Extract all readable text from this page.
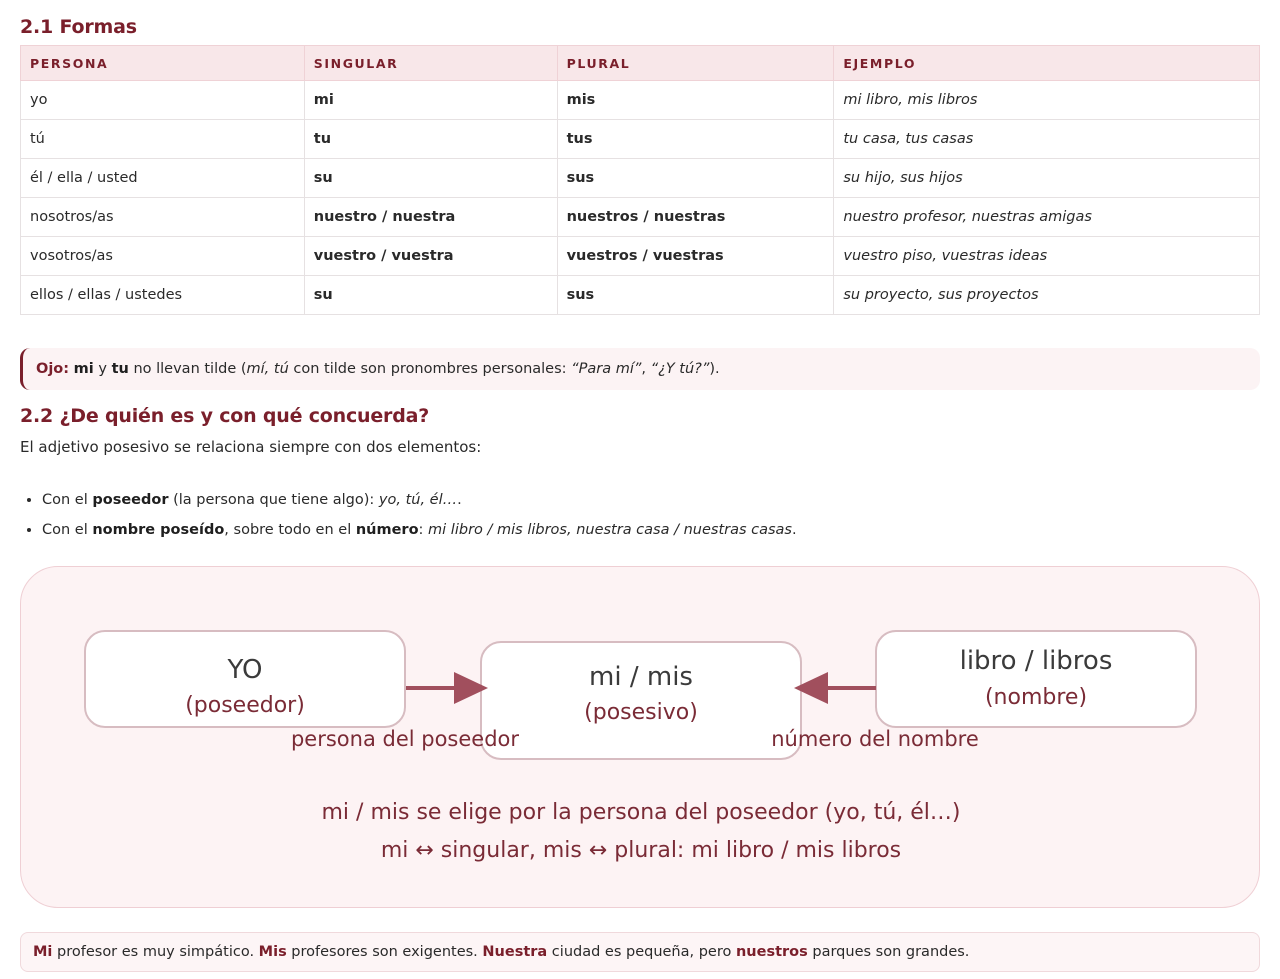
2.1 Formas
PERSONA	SINGULAR	PLURAL	EJEMPLO
yo	mi	mis	mi libro, mis libros
tú	tu	tus	tu casa, tus casas
él / ella / usted	su	sus	su hijo, sus hijos
nosotros/as	nuestro / nuestra	nuestros / nuestras	nuestro profesor, nuestras amigas
vosotros/as	vuestro / vuestra	vuestros / vuestras	vuestro piso, vuestras ideas
ellos / ellas / ustedes	su	sus	su proyecto, sus proyectos
Ojo: mi y tu no llevan tilde (mí, tú con tilde son pronombres personales: “Para mí”, “¿Y tú?”).
2.2 ¿De quién es y con qué concuerda?

El adjetivo posesivo se relaciona siempre con dos elementos:

• Con el poseedor (la persona que tiene algo): yo, tú, él….
• Con el nombre poseído, sobre todo en el número: mi libro / mis libros, nuestra casa / nuestras casas.
YO
(poseedor)
mi / mis
(posesivo)
libro / libros
(nombre)
persona del poseedor	número del nombre
mi / mis se elige por la persona del poseedor (yo, tú, él…)
mi ↔ singular, mis ↔ plural: mi libro / mis libros
Mi profesor es muy simpático. Mis profesores son exigentes. Nuestra ciudad es pequeña, pero nuestros parques son grandes.
